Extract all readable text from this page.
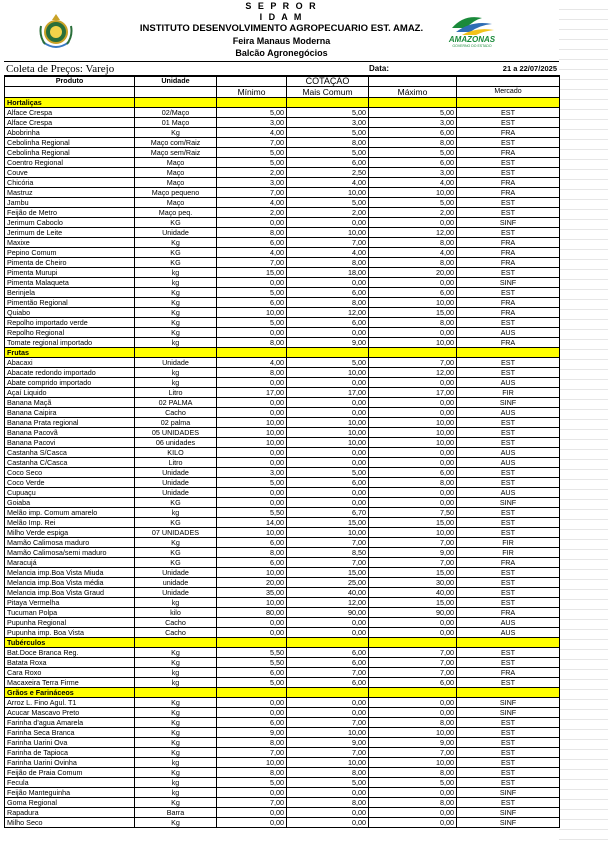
S E P R O R
I D A M
INSTITUTO DESENVOLVIMENTO AGROPECUARIO EST. AMAZ.
Feira Manaus Moderna
Balcão Agronegócios
AMAZONAS
GOVERNO DO ESTADO
Coleta de Preços: Varejo	Data:	21 a 22/07/2025
Produto	Unidade		COTAÇÃO		
		Mínimo	Mais Comum	Máximo	Mercado
Hortaliças					
Alface Crespa	02/Maço	5,00	5,00	5,00	EST
Alface Crespa	01 Maço	3,00	3,00	3,00	EST
Abobrinha	Kg	4,00	5,00	6,00	FRA
Cebolinha Regional	Maço com/Raiz	7,00	8,00	8,00	EST
Cebolinha Regional	Maço sem/Raiz	5,00	5,00	5,00	FRA
Coentro Regional	Maço	5,00	6,00	6,00	EST
Couve	Maço	2,00	2,50	3,00	EST
Chicória	Maço	3,00	4,00	4,00	FRA
Mastruz	Maço pequeno	7,00	10,00	10,00	FRA
Jambu	Maço	4,00	5,00	5,00	EST
Feijão de Metro	Maço peq.	2,00	2,00	2,00	EST
Jerimum Caboclo	KG	0,00	0,00	0,00	SINF
Jerimum de Leite	Unidade	8,00	10,00	12,00	EST
Maxixe	Kg	6,00	7,00	8,00	FRA
Pepino Comum	KG	4,00	4,00	4,00	FRA
Pimenta de Cheiro	KG	7,00	8,00	8,00	FRA
Pimenta Murupi	kg	15,00	18,00	20,00	EST
Pimenta Malaqueta	kg	0,00	0,00	0,00	SINF
Berinjela	Kg	5,00	6,00	6,00	EST
Pimentão Regional	Kg	6,00	8,00	10,00	FRA
Quiabo	Kg	10,00	12,00	15,00	FRA
Repolho importado verde	Kg	5,00	6,00	8,00	EST
Repolho Regional	Kg	0,00	0,00	0,00	AUS
Tomate regional importado	kg	8,00	9,00	10,00	FRA
Frutas					
Abacaxi	Unidade	4,00	5,00	7,00	EST
Abacate redondo importado	kg	8,00	10,00	12,00	EST
Abate comprido importado	kg	0,00	0,00	0,00	AUS
Açaí Liquido	Litro	17,00	17,00	17,00	FIR
Banana Maçã	02 PALMA	0,00	0,00	0,00	SINF
Banana Caipira	Cacho	0,00	0,00	0,00	AUS
Banana Prata regional	02 palma	10,00	10,00	10,00	EST
Banana Pacovã	05 UNIDADES	10,00	10,00	10,00	EST
Banana Pacovi	06 unidades	10,00	10,00	10,00	EST
Castanha S/Casca	KILO	0,00	0,00	0,00	AUS
Castanha C/Casca	Litro	0,00	0,00	0,00	AUS
Coco Seco	Unidade	3,00	5,00	6,00	EST
Coco Verde	Unidade	5,00	6,00	8,00	EST
Cupuaçu	Unidade	0,00	0,00	0,00	AUS
Goiaba	KG	0,00	0,00	0,00	SINF
Melão imp. Comum amarelo	kg	5,50	6,70	7,50	EST
Melão Imp. Rei	KG	14,00	15,00	15,00	EST
Milho Verde espiga	07 UNIDADES	10,00	10,00	10,00	EST
Mamão Calimosa maduro	Kg	6,00	7,00	7,00	FIR
Mamão Calimosa/semi maduro	KG	8,00	8,50	9,00	FIR
Maracujá	KG	6,00	7,00	7,00	FRA
Melancia imp.Boa Vista Miuda	Unidade	10,00	15,00	15,00	EST
Melancia imp.Boa Vista média	unidade	20,00	25,00	30,00	EST
Melancia imp.Boa Vista Graud	Unidade	35,00	40,00	40,00	EST
Pitaya Vermelha	kg	10,00	12,00	15,00	EST
Tucuman Polpa	kilo	80,00	90,00	90,00	FRA
Pupunha Regional	Cacho	0,00	0,00	0,00	AUS
Pupunha imp. Boa Vista	Cacho	0,00	0,00	0,00	AUS
Tubérculos					
Bat.Doce Branca Reg.	Kg	5,50	6,00	7,00	EST
Batata Roxa	Kg	5,50	6,00	7,00	EST
Cara Roxo	kg	6,00	7,00	7,00	FRA
Macaxeira Terra Firme	kg	5,00	6,00	6,00	EST
Grãos e Farináceos					
Arroz L. Fino Agul. T1	Kg	0,00	0,00	0,00	SINF
Acucar Mascavo Preto	Kg	0,00	0,00	0,00	SINF
Farinha d'agua Amarela	Kg	6,00	7,00	8,00	EST
Farinha Seca Branca	Kg	9,00	10,00	10,00	EST
Farinha Uarini Ova	Kg	8,00	9,00	9,00	EST
Farinha de Tapioca	Kg	7,00	7,00	7,00	EST
Farinha Uarini Ovinha	kg	10,00	10,00	10,00	EST
Feijão de Praia Comum	Kg	8,00	8,00	8,00	EST
Fecula	kg	5,00	5,00	5,00	EST
Feijão Manteguinha	kg	0,00	0,00	0,00	SINF
Goma Regional	Kg	7,00	8,00	8,00	EST
Rapadura	Barra	0,00	0,00	0,00	SINF
Milho Seco	Kg	0,00	0,00	0,00	SINF
